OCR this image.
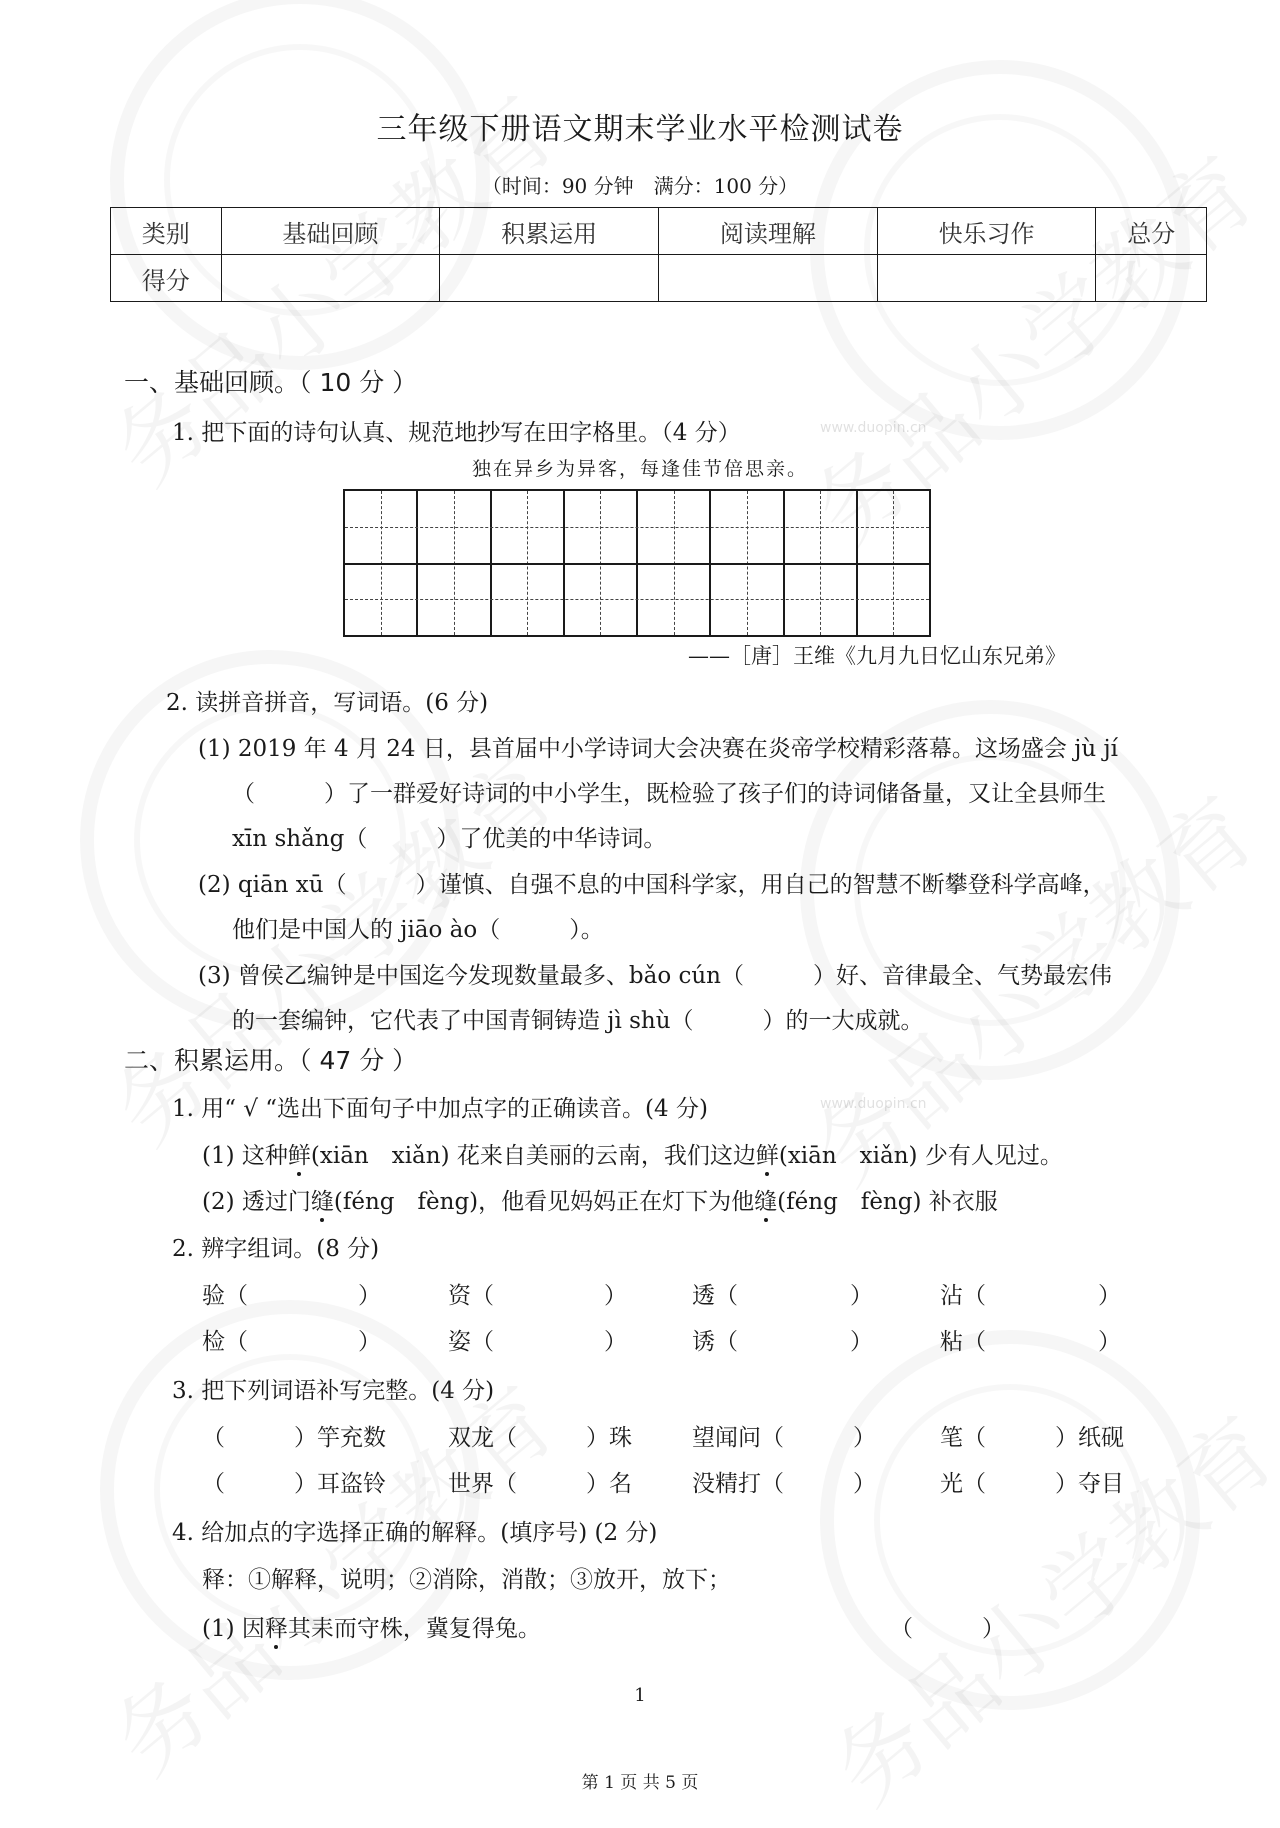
www.duopin.cn
www.duopin.cn
三年级下册语文期末学业水平检测试卷
（时间：90 分钟　满分：100 分）
类别	基础回顾	积累运用	阅读理解	快乐习作	总分
得分					
一、基础回顾。（ 10 分 ）
1. 把下面的诗句认真、规范地抄写在田字格里。（4 分）
独在异乡为异客，每逢佳节倍思亲。
——［唐］王维《九月九日忆山东兄弟》
2. 读拼音拼音，写词语。(6 分)
(1) 2019 年 4 月 24 日，县首届中小学诗词大会决赛在炎帝学校精彩落幕。这场盛会 jù jí
（　　　）了一群爱好诗词的中小学生，既检验了孩子们的诗词储备量，又让全县师生
xīn shǎng（　　　）了优美的中华诗词。
(2) qiān xū（　　　）谨慎、自强不息的中国科学家，用自己的智慧不断攀登科学高峰，
他们是中国人的 jiāo ào（　　　）。
(3) 曾侯乙编钟是中国迄今发现数量最多、bǎo cún（　　　）好、音律最全、气势最宏伟
的一套编钟，它代表了中国青铜铸造 jì shù（　　　）的一大成就。
二、积累运用。（ 47 分 ）
1. 用“ √ “选出下面句子中加点字的正确读音。(4 分)
(1) 这种鲜(xiān　xiǎn) 花来自美丽的云南，我们这边鲜(xiān　xiǎn) 少有人见过。
(2) 透过门缝(féng　fèng)，他看见妈妈正在灯下为他缝(féng　fèng) 补衣服
2. 辨字组词。(8 分)
验（	）	资（	）	透（	）	沾（	）
检（	）	姿（	）	诱（	）	粘（	）
3. 把下列词语补写完整。(4 分)
（　　　）竽充数	双龙（　　　）珠	望闻问（　　　）	笔（　　　）纸砚
（　　　）耳盗铃	世界（　　　）名	没精打（　　　）	光（　　　）夺目
4. 给加点的字选择正确的解释。(填序号) (2 分)
释：①解释，说明；②消除，消散；③放开，放下；
(1) 因释其耒而守株，冀复得兔。	（　　　）
1
第 1 页 共 5 页
